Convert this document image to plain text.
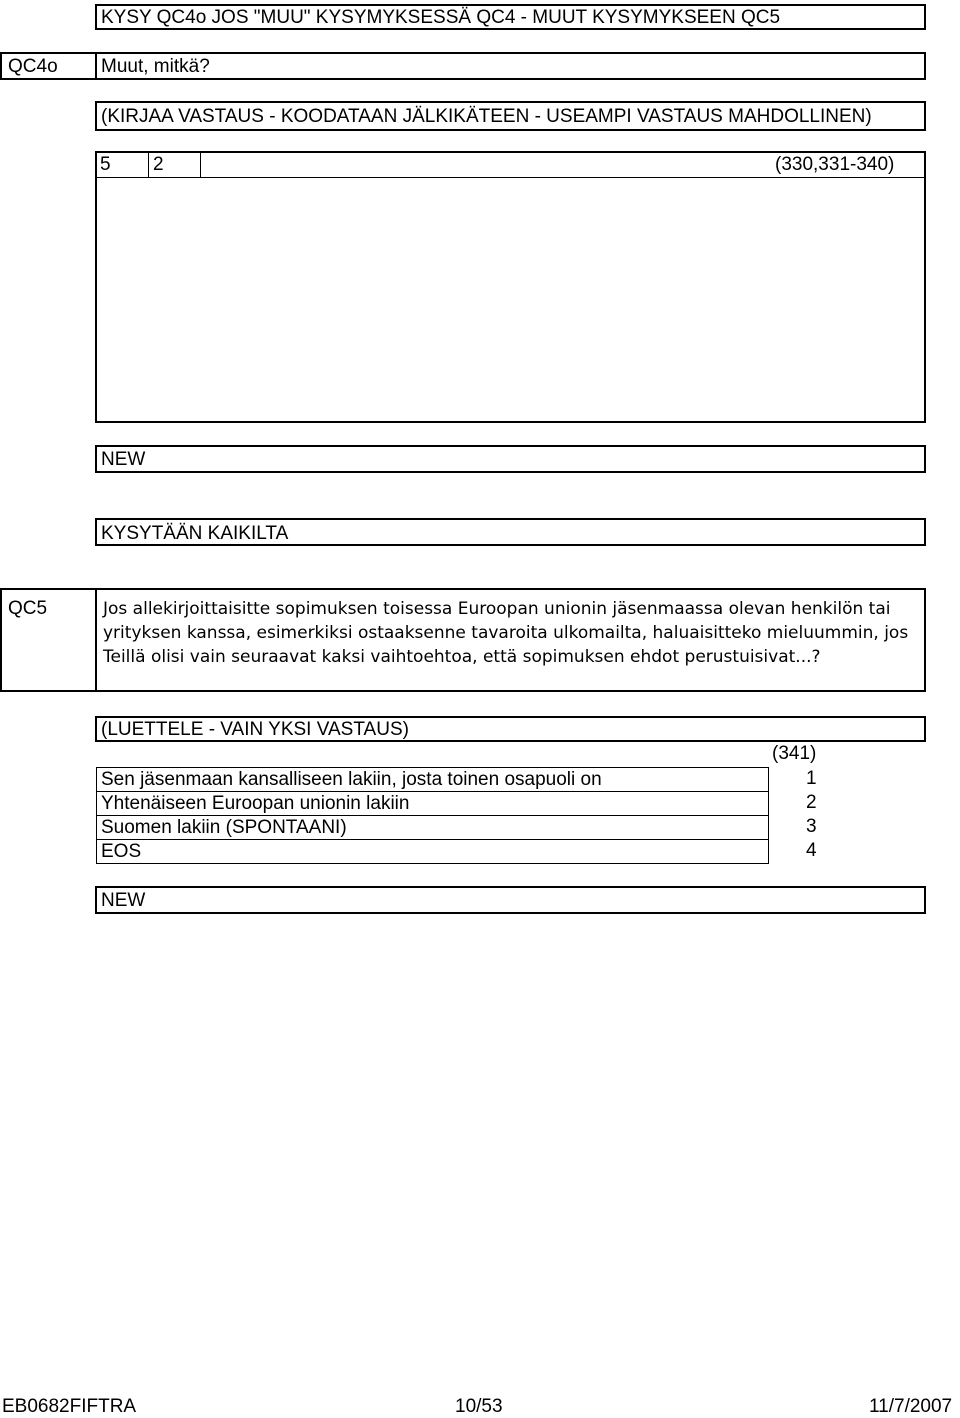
KYSY QC4o JOS "MUU" KYSYMYKSESSÄ QC4 - MUUT KYSYMYKSEEN QC5
QC4o Muut, mitkä?
(KIRJAA VASTAUS - KOODATAAN JÄLKIKÄTEEN - USEAMPI VASTAUS MAHDOLLINEN)
5 2	(330,331-340)
NEW
KYSYTÄÄN KAIKILTA
QC5	Jos allekirjoittaisitte sopimuksen toisessa Euroopan unionin jäsenmaassa olevan henkilön tai yrityksen kanssa, esimerkiksi ostaaksenne tavaroita ulkomailta, haluaisitteko mieluummin, jos Teillä olisi vain seuraavat kaksi vaihtoehtoa, että sopimuksen ehdot perustuisivat...?
(LUETTELE - VAIN YKSI VASTAUS)
(341)
Sen jäsenmaan kansalliseen lakiin, josta toinen osapuoli on	1
Yhtenäiseen Euroopan unionin lakiin	2
Suomen lakiin (SPONTAANI)	3
EOS	4
NEW
EB0682FIFTRA	10/53	11/7/2007
